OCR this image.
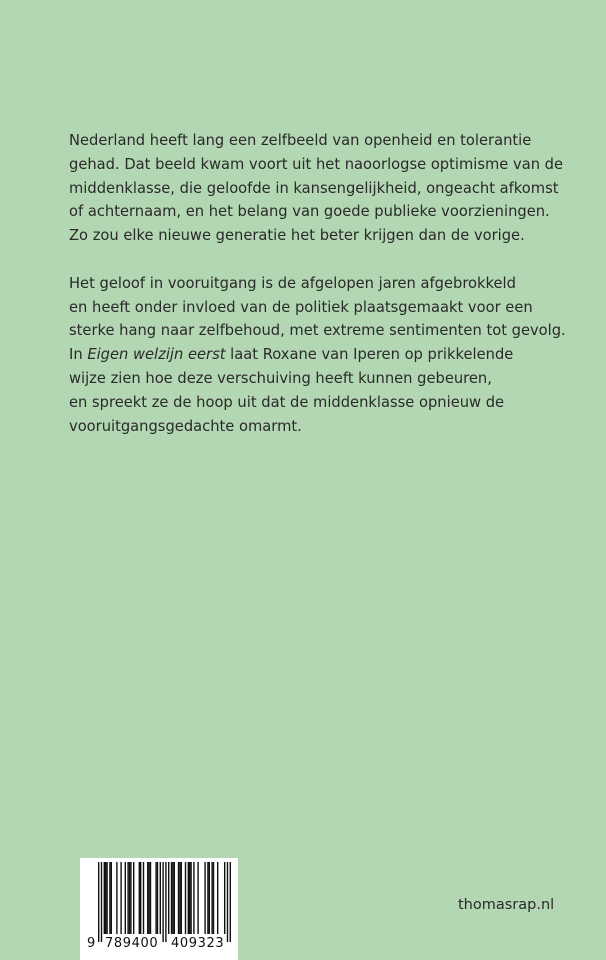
Nederland heeft lang een zelfbeeld van openheid en tolerantie
gehad. Dat beeld kwam voort uit het naoorlogse optimisme van de
middenklasse, die geloofde in kansengelijkheid, ongeacht afkomst
of achternaam, en het belang van goede publieke voorzieningen.
Zo zou elke nieuwe generatie het beter krijgen dan de vorige.

Het geloof in vooruitgang is de afgelopen jaren afgebrokkeld
en heeft onder invloed van de politiek plaatsgemaakt voor een
sterke hang naar zelfbehoud, met extreme sentimenten tot gevolg.
In Eigen welzijn eerst laat Roxane van Iperen op prikkelende
wijze zien hoe deze verschuiving heeft kunnen gebeuren,
en spreekt ze de hoop uit dat de middenklasse opnieuw de
vooruitgangsgedachte omarmt.

9 789400 409323
thomasrap.nl
